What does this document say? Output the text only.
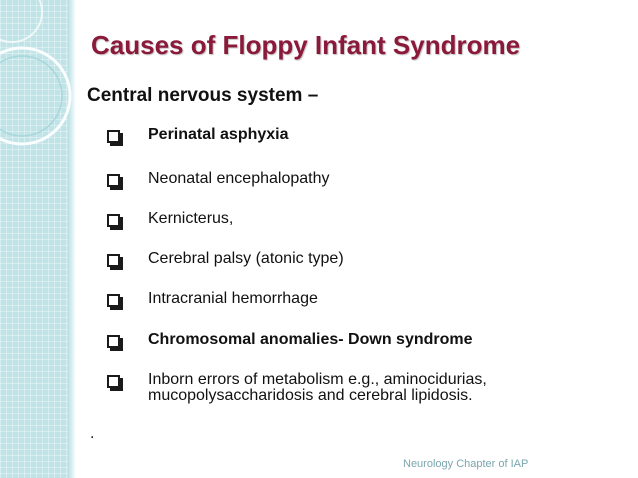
Causes of Floppy Infant Syndrome
Central nervous system –
Perinatal asphyxia
Neonatal encephalopathy
Kernicterus,
Cerebral palsy (atonic type)
Intracranial hemorrhage
Chromosomal anomalies- Down syndrome
Inborn errors of metabolism e.g., aminocidurias, mucopolysaccharidosis and cerebral lipidosis.
.
Neurology Chapter of IAP
